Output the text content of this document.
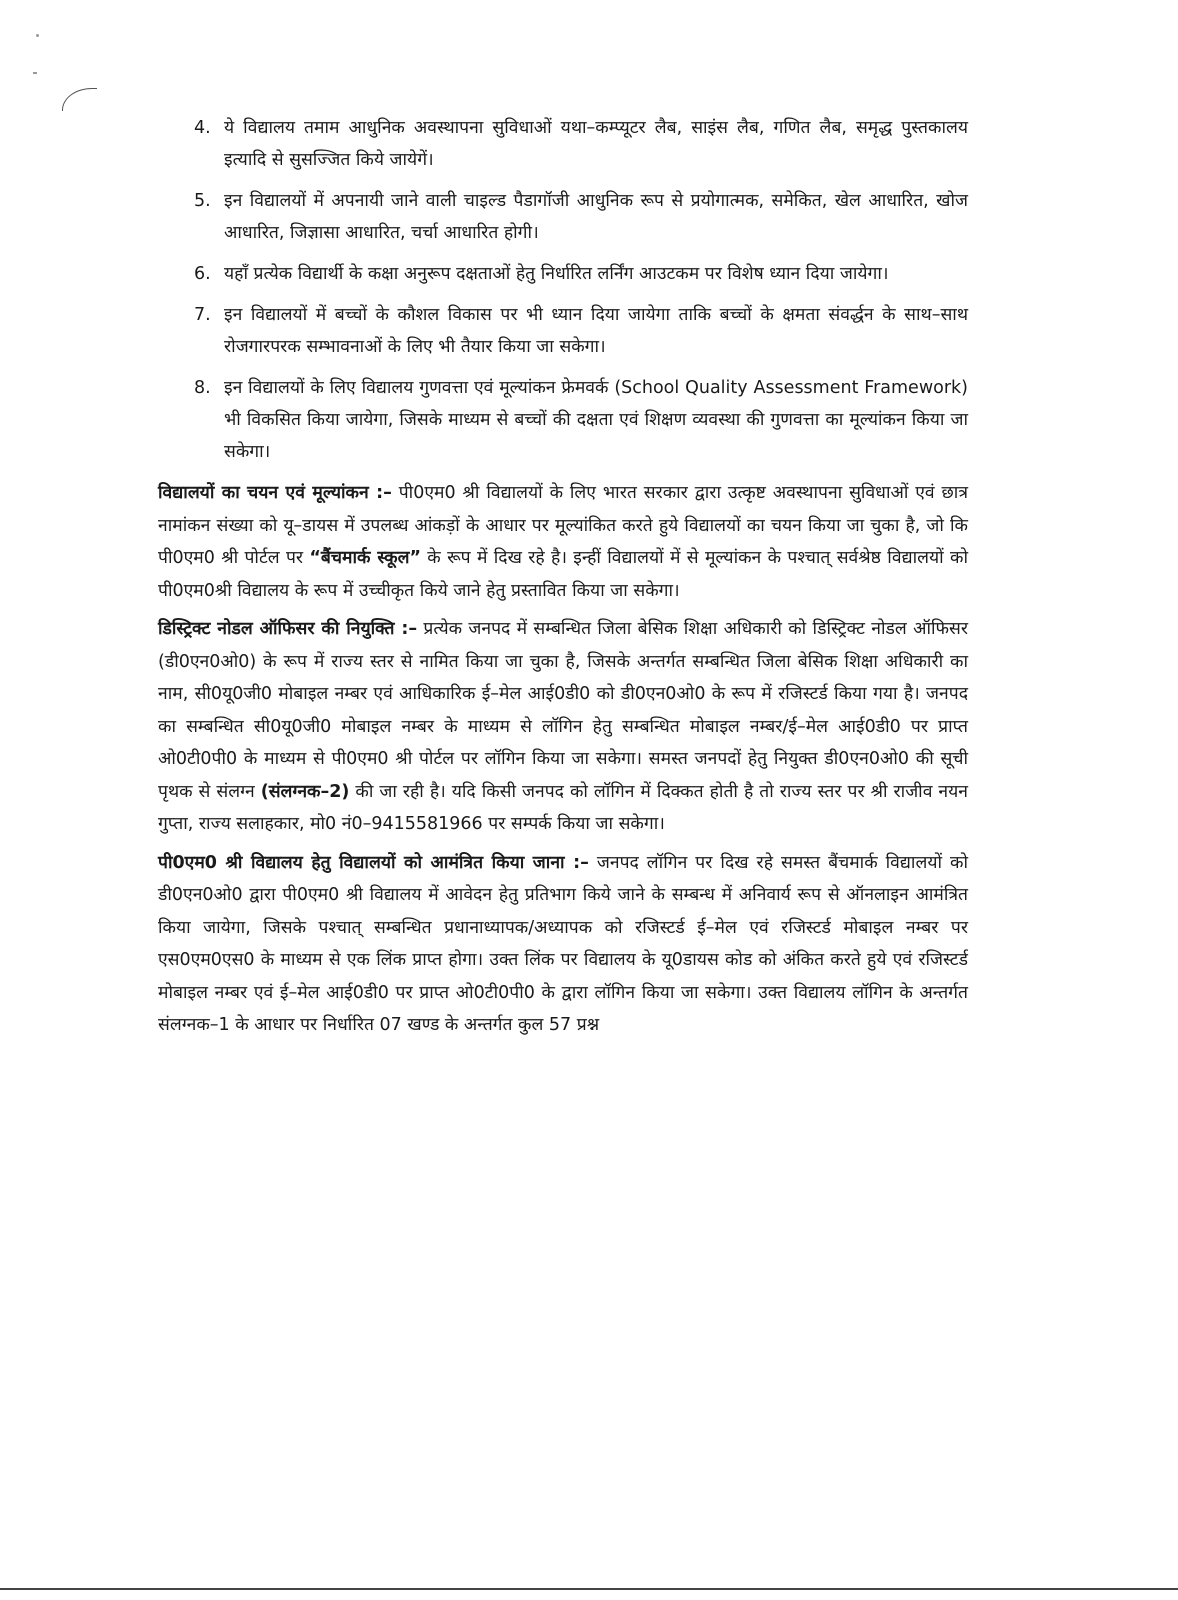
4. ये विद्यालय तमाम आधुनिक अवस्थापना सुविधाओं यथा–कम्प्यूटर लैब, साइंस लैब, गणित लैब, समृद्ध पुस्तकालय इत्यादि से सुसज्जित किये जायेगें।
5. इन विद्यालयों में अपनायी जाने वाली चाइल्ड पैडागॉजी आधुनिक रूप से प्रयोगात्मक, समेकित, खेल आधारित, खोज आधारित, जिज्ञासा आधारित, चर्चा आधारित होगी।
6. यहाँ प्रत्येक विद्यार्थी के कक्षा अनुरूप दक्षताओं हेतु निर्धारित लर्निंग आउटकम पर विशेष ध्यान दिया जायेगा।
7. इन विद्यालयों में बच्चों के कौशल विकास पर भी ध्यान दिया जायेगा ताकि बच्चों के क्षमता संवर्द्धन के साथ–साथ रोजगारपरक सम्भावनाओं के लिए भी तैयार किया जा सकेगा।
8. इन विद्यालयों के लिए विद्यालय गुणवत्ता एवं मूल्यांकन फ्रेमवर्क (School Quality Assessment Framework) भी विकसित किया जायेगा, जिसके माध्यम से बच्चों की दक्षता एवं शिक्षण व्यवस्था की गुणवत्ता का मूल्यांकन किया जा सकेगा।
विद्यालयों का चयन एवं मूल्यांकन :– पी0एम0 श्री विद्यालयों के लिए भारत सरकार द्वारा उत्कृष्ट अवस्थापना सुविधाओं एवं छात्र नामांकन संख्या को यू–डायस में उपलब्ध आंकड़ों के आधार पर मूल्यांकित करते हुये विद्यालयों का चयन किया जा चुका है, जो कि पी0एम0 श्री पोर्टल पर “बैंचमार्क स्कूल” के रूप में दिख रहे है। इन्हीं विद्यालयों में से मूल्यांकन के पश्चात् सर्वश्रेष्ठ विद्यालयों को पी0एम0श्री विद्यालय के रूप में उच्चीकृत किये जाने हेतु प्रस्तावित किया जा सकेगा।
डिस्ट्रिक्ट नोडल ऑफिसर की नियुक्ति :– प्रत्येक जनपद में सम्बन्धित जिला बेसिक शिक्षा अधिकारी को डिस्ट्रिक्ट नोडल ऑफिसर (डी0एन0ओ0) के रूप में राज्य स्तर से नामित किया जा चुका है, जिसके अन्तर्गत सम्बन्धित जिला बेसिक शिक्षा अधिकारी का नाम, सी0यू0जी0 मोबाइल नम्बर एवं आधिकारिक ई–मेल आई0डी0 को डी0एन0ओ0 के रूप में रजिस्टर्ड किया गया है। जनपद का सम्बन्धित सी0यू0जी0 मोबाइल नम्बर के माध्यम से लॉगिन हेतु सम्बन्धित मोबाइल नम्बर/ई–मेल आई0डी0 पर प्राप्त ओ0टी0पी0 के माध्यम से पी0एम0 श्री पोर्टल पर लॉगिन किया जा सकेगा। समस्त जनपदों हेतु नियुक्त डी0एन0ओ0 की सूची पृथक से संलग्न (संलग्नक–2) की जा रही है। यदि किसी जनपद को लॉगिन में दिक्कत होती है तो राज्य स्तर पर श्री राजीव नयन गुप्ता, राज्य सलाहकार, मो0 नं0–9415581966 पर सम्पर्क किया जा सकेगा।
पी0एम0 श्री विद्यालय हेतु विद्यालयों को आमंत्रित किया जाना :– जनपद लॉगिन पर दिख रहे समस्त बैंचमार्क विद्यालयों को डी0एन0ओ0 द्वारा पी0एम0 श्री विद्यालय में आवेदन हेतु प्रतिभाग किये जाने के सम्बन्ध में अनिवार्य रूप से ऑनलाइन आमंत्रित किया जायेगा, जिसके पश्चात् सम्बन्धित प्रधानाध्यापक/अध्यापक को रजिस्टर्ड ई–मेल एवं रजिस्टर्ड मोबाइल नम्बर पर एस0एम0एस0 के माध्यम से एक लिंक प्राप्त होगा। उक्त लिंक पर विद्यालय के यू0डायस कोड को अंकित करते हुये एवं रजिस्टर्ड मोबाइल नम्बर एवं ई–मेल आई0डी0 पर प्राप्त ओ0टी0पी0 के द्वारा लॉगिन किया जा सकेगा। उक्त विद्यालय लॉगिन के अन्तर्गत संलग्नक–1 के आधार पर निर्धारित 07 खण्ड के अन्तर्गत कुल 57 प्रश्न
